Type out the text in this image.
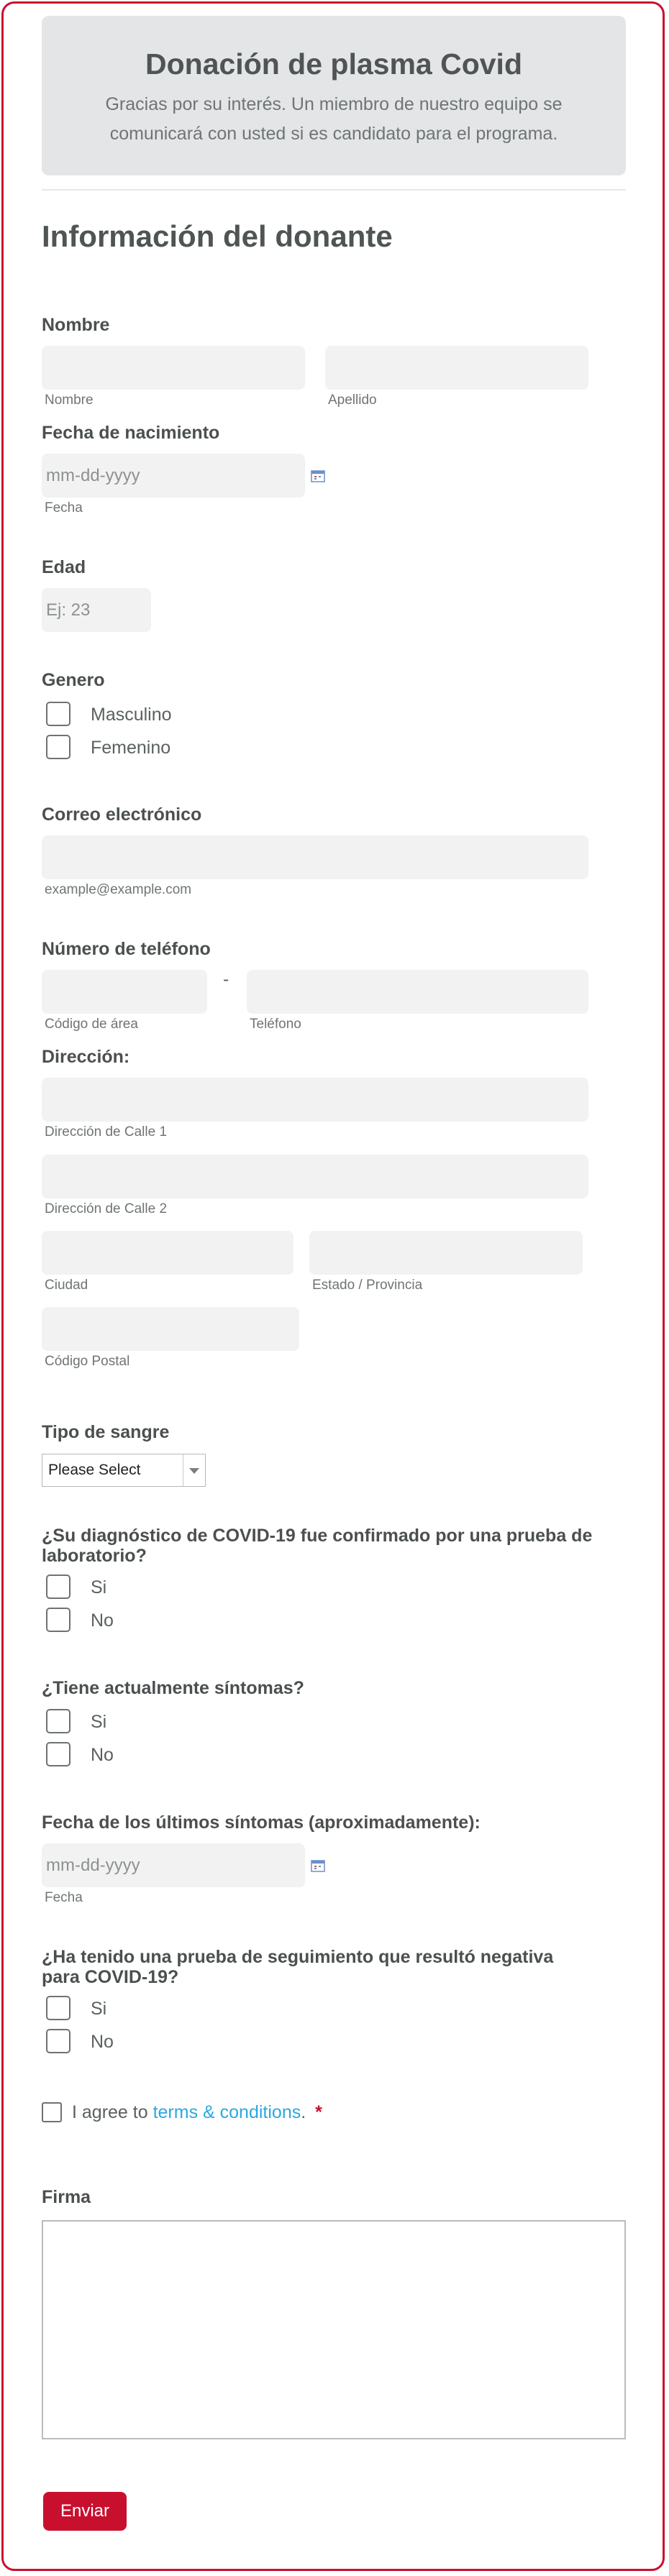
Donación de plasma Covid
Gracias por su interés. Un miembro de nuestro equipo se comunicará con usted si es candidato para el programa.
Información del donante
Nombre
Nombre	Apellido
Fecha de nacimiento
mm-dd-yyyy
Fecha
Edad
Ej: 23
Genero
Masculino
Femenino
Correo electrónico
example@example.com
Número de teléfono
-
Código de área	Teléfono
Dirección:
Dirección de Calle 1
Dirección de Calle 2
Ciudad	Estado / Provincia
Código Postal
Tipo de sangre
Please Select
¿Su diagnóstico de COVID-19 fue confirmado por una prueba de laboratorio?
Si
No
¿Tiene actualmente síntomas?
Si
No
Fecha de los últimos síntomas (aproximadamente):
mm-dd-yyyy
Fecha
¿Ha tenido una prueba de seguimiento que resultó negativa para COVID-19?
Si
No
I agree to terms & conditions. *
Firma
Enviar
